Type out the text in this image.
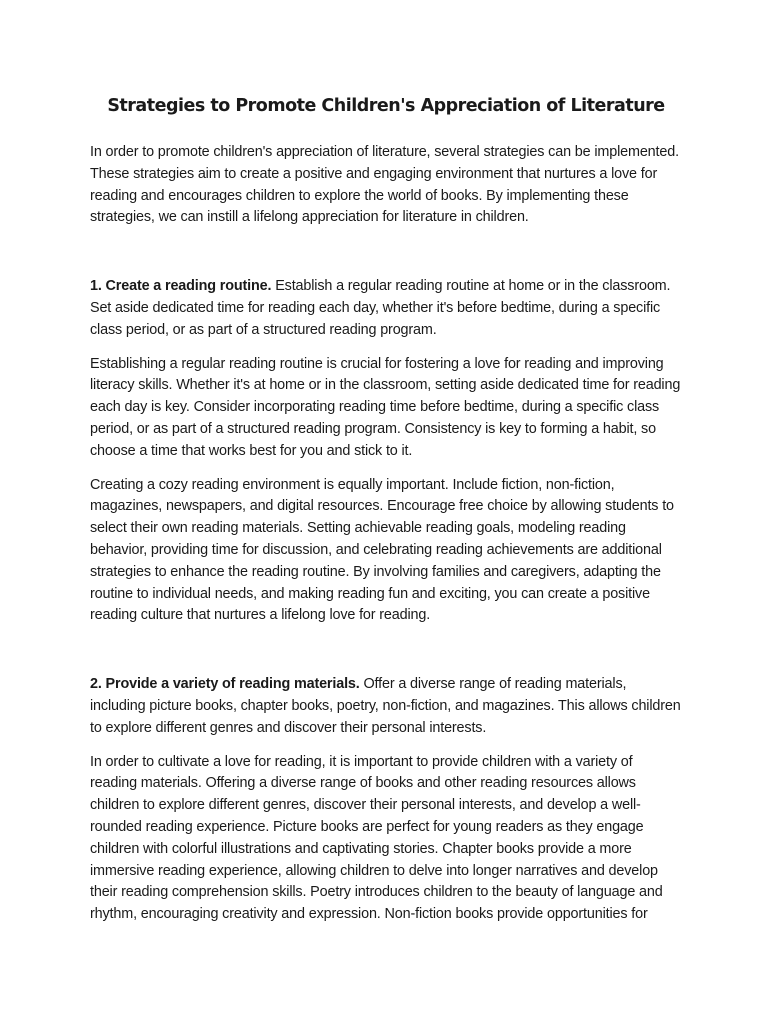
Strategies to Promote Children's Appreciation of Literature

In order to promote children's appreciation of literature, several strategies can be implemented. These strategies aim to create a positive and engaging environment that nurtures a love for reading and encourages children to explore the world of books. By implementing these strategies, we can instill a lifelong appreciation for literature in children.

1. Create a reading routine. Establish a regular reading routine at home or in the classroom. Set aside dedicated time for reading each day, whether it's before bedtime, during a specific class period, or as part of a structured reading program.

Establishing a regular reading routine is crucial for fostering a love for reading and improving literacy skills. Whether it's at home or in the classroom, setting aside dedicated time for reading each day is key. Consider incorporating reading time before bedtime, during a specific class period, or as part of a structured reading program. Consistency is key to forming a habit, so choose a time that works best for you and stick to it.

Creating a cozy reading environment is equally important. Include fiction, non-fiction, magazines, newspapers, and digital resources. Encourage free choice by allowing students to select their own reading materials. Setting achievable reading goals, modeling reading behavior, providing time for discussion, and celebrating reading achievements are additional strategies to enhance the reading routine. By involving families and caregivers, adapting the routine to individual needs, and making reading fun and exciting, you can create a positive reading culture that nurtures a lifelong love for reading.

2. Provide a variety of reading materials. Offer a diverse range of reading materials, including picture books, chapter books, poetry, non-fiction, and magazines. This allows children to explore different genres and discover their personal interests.

In order to cultivate a love for reading, it is important to provide children with a variety of reading materials. Offering a diverse range of books and other reading resources allows children to explore different genres, discover their personal interests, and develop a well-rounded reading experience. Picture books are perfect for young readers as they engage children with colorful illustrations and captivating stories. Chapter books provide a more immersive reading experience, allowing children to delve into longer narratives and develop their reading comprehension skills. Poetry introduces children to the beauty of language and rhythm, encouraging creativity and expression. Non-fiction books provide opportunities for
